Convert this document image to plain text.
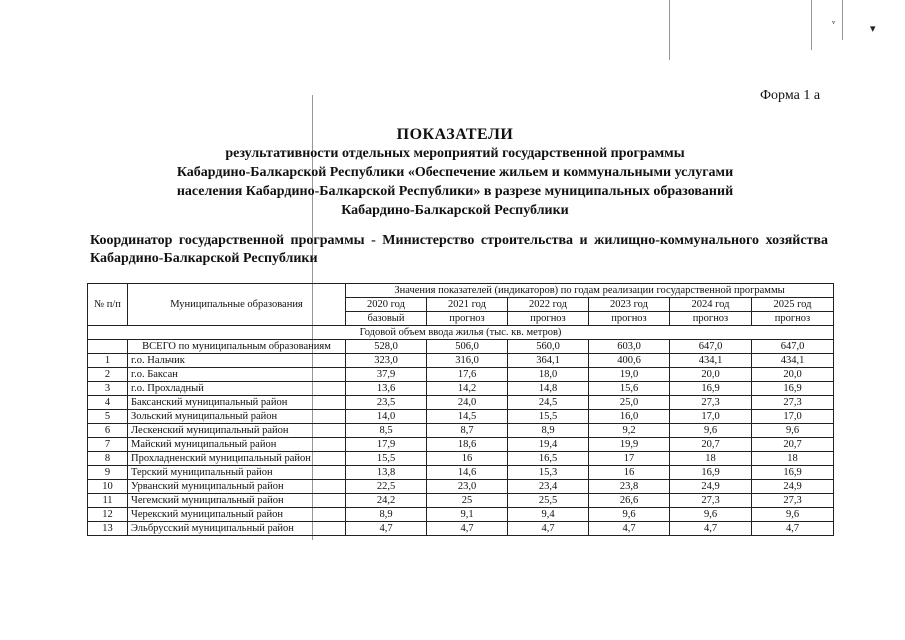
ᵛ	▾
Форма 1 а
ПОКАЗАТЕЛИ
результативности отдельных мероприятий государственной программы
Кабардино-Балкарской Республики «Обеспечение жильем и коммунальными услугами
населения Кабардино-Балкарской Республики» в разрезе муниципальных образований
Кабардино-Балкарской Республики
Координатор государственной программы - Министерство строительства и жилищно-коммунального хозяйства Кабардино-Балкарской Республики
№ п/п	Муниципальные образования	Значения показателей (индикаторов) по годам реализации государственной программы					
		2020 год	2021 год	2022 год	2023 год	2024 год	2025 год
		базовый	прогноз	прогноз	прогноз	прогноз	прогноз
Годовой объем ввода жилья (тыс. кв. метров)							
	ВСЕГО по муниципальным образованиям	528,0	506,0	560,0	603,0	647,0	647,0
1	г.о. Нальчик	323,0	316,0	364,1	400,6	434,1	434,1
2	г.о. Баксан	37,9	17,6	18,0	19,0	20,0	20,0
3	г.о. Прохладный	13,6	14,2	14,8	15,6	16,9	16,9
4	Баксанский муниципальный район	23,5	24,0	24,5	25,0	27,3	27,3
5	Зольский муниципальный район	14,0	14,5	15,5	16,0	17,0	17,0
6	Лескенский муниципальный район	8,5	8,7	8,9	9,2	9,6	9,6
7	Майский муниципальный район	17,9	18,6	19,4	19,9	20,7	20,7
8	Прохладненский муниципальный район	15,5	16	16,5	17	18	18
9	Терский муниципальный район	13,8	14,6	15,3	16	16,9	16,9
10	Урванский муниципальный район	22,5	23,0	23,4	23,8	24,9	24,9
11	Чегемский муниципальный район	24,2	25	25,5	26,6	27,3	27,3
12	Черекский муниципальный район	8,9	9,1	9,4	9,6	9,6	9,6
13	Эльбрусский муниципальный район	4,7	4,7	4,7	4,7	4,7	4,7
